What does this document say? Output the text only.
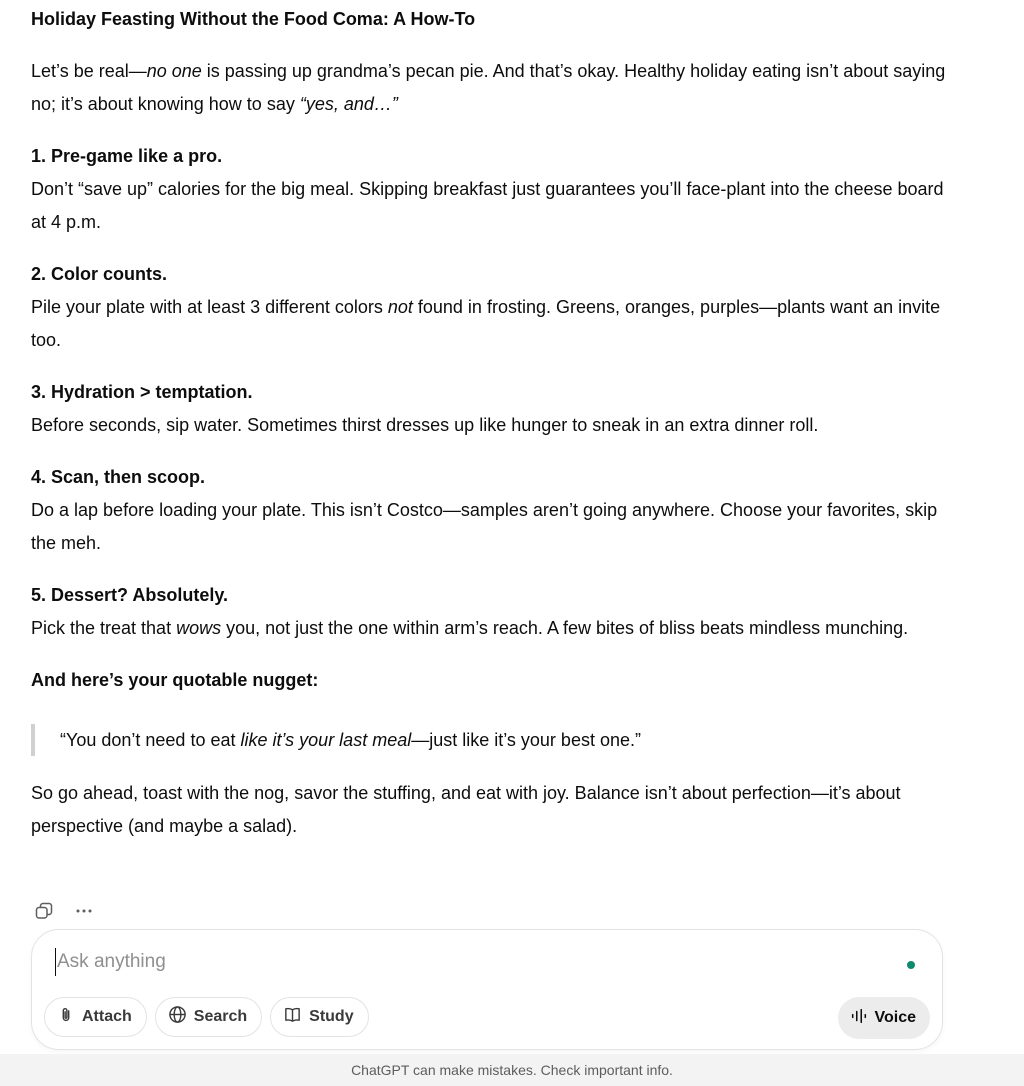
Holiday Feasting Without the Food Coma: A How-To

Let’s be real—no one is passing up grandma’s pecan pie. And that’s okay. Healthy holiday eating isn’t about saying no; it’s about knowing how to say “yes, and…”

1. Pre-game like a pro.

Don’t “save up” calories for the big meal. Skipping breakfast just guarantees you’ll face-plant into the cheese board at 4 p.m.

2. Color counts.

Pile your plate with at least 3 different colors not found in frosting. Greens, oranges, purples—plants want an invite too.

3. Hydration > temptation.

Before seconds, sip water. Sometimes thirst dresses up like hunger to sneak in an extra dinner roll.

4. Scan, then scoop.

Do a lap before loading your plate. This isn’t Costco—samples aren’t going anywhere. Choose your favorites, skip the meh.

5. Dessert? Absolutely.

Pick the treat that wows you, not just the one within arm’s reach. A few bites of bliss beats mindless munching.

And here’s your quotable nugget:

“You don’t need to eat like it’s your last meal—just like it’s your best one.”

So go ahead, toast with the nog, savor the stuffing, and eat with joy. Balance isn’t about perfection—it’s about perspective (and maybe a salad).

Ask anything
Attach	Search	Study	Voice
ChatGPT can make mistakes. Check important info.
